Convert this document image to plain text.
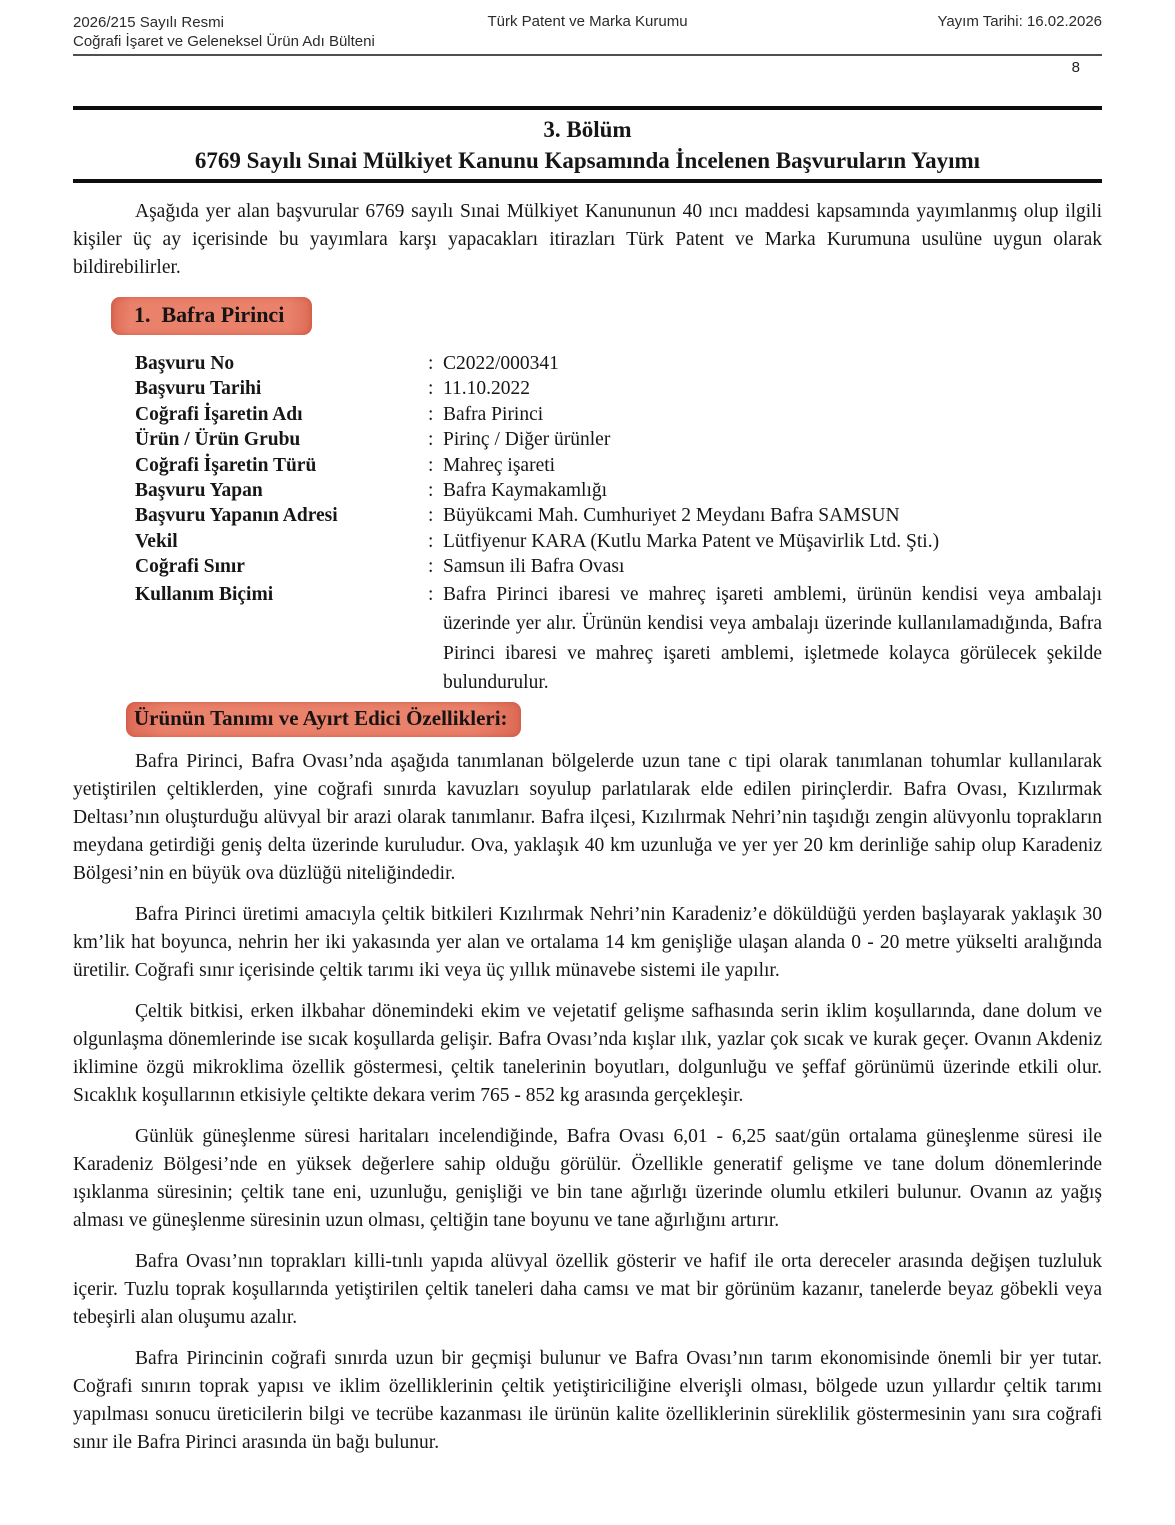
2026/215 Sayılı Resmi
Coğrafi İşaret ve Geleneksel Ürün Adı Bülteni
Türk Patent ve Marka Kurumu	Yayım Tarihi: 16.02.2026
8
3. Bölüm
6769 Sayılı Sınai Mülkiyet Kanunu Kapsamında İncelenen Başvuruların Yayımı

Aşağıda yer alan başvurular 6769 sayılı Sınai Mülkiyet Kanununun 40 ıncı maddesi kapsamında yayımlanmış olup ilgili kişiler üç ay içerisinde bu yayımlara karşı yapacakları itirazları Türk Patent ve Marka Kurumuna usulüne uygun olarak bildirebilirler.

1.  Bafra Pirinci
Başvuru No	: C2022/000341
Başvuru Tarihi	: 11.10.2022
Coğrafi İşaretin Adı	: Bafra Pirinci
Ürün / Ürün Grubu	: Pirinç / Diğer ürünler
Coğrafi İşaretin Türü	: Mahreç işareti
Başvuru Yapan	: Bafra Kaymakamlığı
Başvuru Yapanın Adresi	: Büyükcami Mah. Cumhuriyet 2 Meydanı Bafra SAMSUN
Vekil	: Lütfiyenur KARA (Kutlu Marka Patent ve Müşavirlik Ltd. Şti.)
Coğrafi Sınır	: Samsun ili Bafra Ovası
Kullanım Biçimi	: Bafra Pirinci ibaresi ve mahreç işareti amblemi, ürünün kendisi veya ambalajı üzerinde yer alır. Ürünün kendisi veya ambalajı üzerinde kullanılamadığında, Bafra Pirinci ibaresi ve mahreç işareti amblemi, işletmede kolayca görülecek şekilde bulundurulur.
Ürünün Tanımı ve Ayırt Edici Özellikleri:

Bafra Pirinci, Bafra Ovası’nda aşağıda tanımlanan bölgelerde uzun tane c tipi olarak tanımlanan tohumlar kullanılarak yetiştirilen çeltiklerden, yine coğrafi sınırda kavuzları soyulup parlatılarak elde edilen pirinçlerdir. Bafra Ovası, Kızılırmak Deltası’nın oluşturduğu alüvyal bir arazi olarak tanımlanır. Bafra ilçesi, Kızılırmak Nehri’nin taşıdığı zengin alüvyonlu toprakların meydana getirdiği geniş delta üzerinde kuruludur. Ova, yaklaşık 40 km uzunluğa ve yer yer 20 km derinliğe sahip olup Karadeniz Bölgesi’nin en büyük ova düzlüğü niteliğindedir.

Bafra Pirinci üretimi amacıyla çeltik bitkileri Kızılırmak Nehri’nin Karadeniz’e döküldüğü yerden başlayarak yaklaşık 30 km’lik hat boyunca, nehrin her iki yakasında yer alan ve ortalama 14 km genişliğe ulaşan alanda 0 - 20 metre yükselti aralığında üretilir. Coğrafi sınır içerisinde çeltik tarımı iki veya üç yıllık münavebe sistemi ile yapılır.

Çeltik bitkisi, erken ilkbahar dönemindeki ekim ve vejetatif gelişme safhasında serin iklim koşullarında, dane dolum ve olgunlaşma dönemlerinde ise sıcak koşullarda gelişir. Bafra Ovası’nda kışlar ılık, yazlar çok sıcak ve kurak geçer. Ovanın Akdeniz iklimine özgü mikroklima özellik göstermesi, çeltik tanelerinin boyutları, dolgunluğu ve şeffaf görünümü üzerinde etkili olur. Sıcaklık koşullarının etkisiyle çeltikte dekara verim 765 - 852 kg arasında gerçekleşir.

Günlük güneşlenme süresi haritaları incelendiğinde, Bafra Ovası 6,01 - 6,25 saat/gün ortalama güneşlenme süresi ile Karadeniz Bölgesi’nde en yüksek değerlere sahip olduğu görülür. Özellikle generatif gelişme ve tane dolum dönemlerinde ışıklanma süresinin; çeltik tane eni, uzunluğu, genişliği ve bin tane ağırlığı üzerinde olumlu etkileri bulunur. Ovanın az yağış alması ve güneşlenme süresinin uzun olması, çeltiğin tane boyunu ve tane ağırlığını artırır.

Bafra Ovası’nın toprakları killi-tınlı yapıda alüvyal özellik gösterir ve hafif ile orta dereceler arasında değişen tuzluluk içerir. Tuzlu toprak koşullarında yetiştirilen çeltik taneleri daha camsı ve mat bir görünüm kazanır, tanelerde beyaz göbekli veya tebeşirli alan oluşumu azalır.

Bafra Pirincinin coğrafi sınırda uzun bir geçmişi bulunur ve Bafra Ovası’nın tarım ekonomisinde önemli bir yer tutar. Coğrafi sınırın toprak yapısı ve iklim özelliklerinin çeltik yetiştiriciliğine elverişli olması, bölgede uzun yıllardır çeltik tarımı yapılması sonucu üreticilerin bilgi ve tecrübe kazanması ile ürünün kalite özelliklerinin süreklilik göstermesinin yanı sıra coğrafi sınır ile Bafra Pirinci arasında ün bağı bulunur.
